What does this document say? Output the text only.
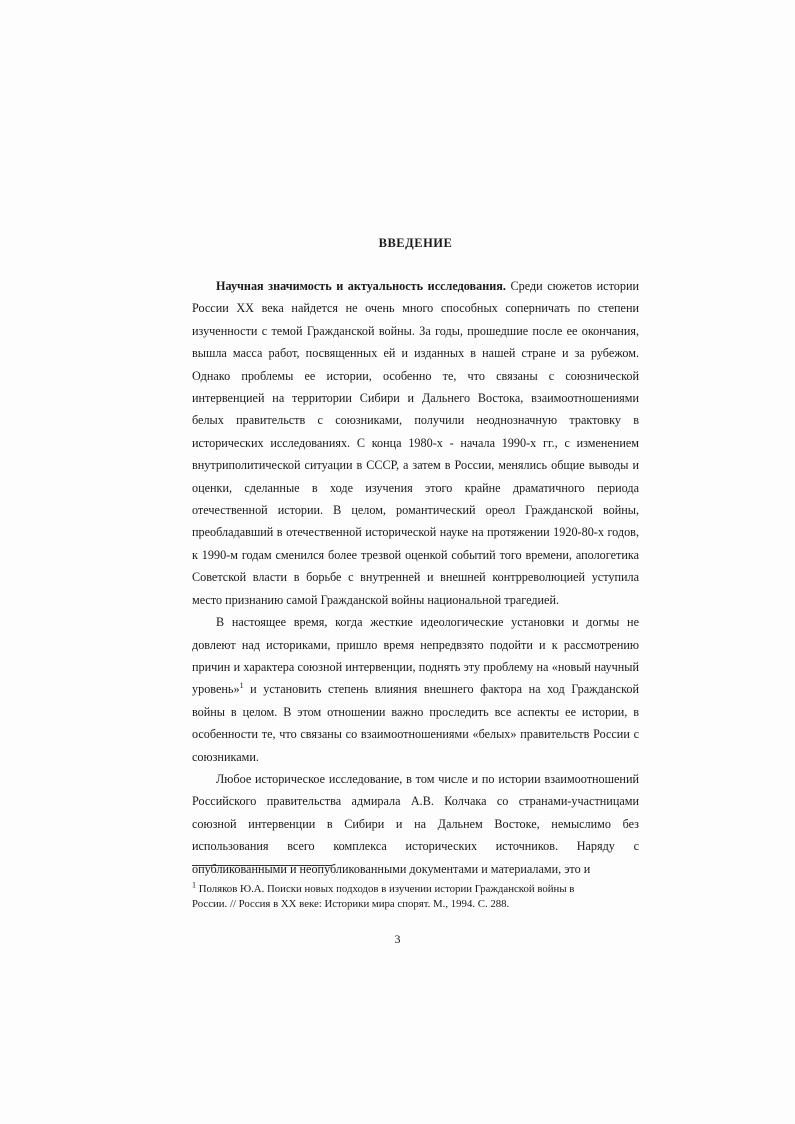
ВВЕДЕНИЕ

Научная значимость и актуальность исследования. Среди сюжетов истории России XX века найдется не очень много способных соперничать по степени изученности с темой Гражданской войны. За годы, прошедшие после ее окончания, вышла масса работ, посвященных ей и изданных в нашей стране и за рубежом. Однако проблемы ее истории, особенно те, что связаны с союзнической интервенцией на территории Сибири и Дальнего Востока, взаимоотношениями белых правительств с союзниками, получили неоднозначную трактовку в исторических исследованиях. С конца 1980-х - начала 1990-х гг., с изменением внутриполитической ситуации в СССР, а затем в России, менялись общие выводы и оценки, сделанные в ходе изучения этого крайне драматичного периода отечественной истории. В целом, романтический ореол Гражданской войны, преобладавший в отечественной исторической науке на протяжении 1920-80-х годов, к 1990-м годам сменился более трезвой оценкой событий того времени, апологетика Советской власти в борьбе с внутренней и внешней контрреволюцией уступила место признанию самой Гражданской войны национальной трагедией.

В настоящее время, когда жесткие идеологические установки и догмы не довлеют над историками, пришло время непредвзято подойти и к рассмотрению причин и характера союзной интервенции, поднять эту проблему на «новый научный уровень»$^1$ и установить степень влияния внешнего фактора на ход Гражданской войны в целом. В этом отношении важно проследить все аспекты ее истории, в особенности те, что связаны со взаимоотношениями «белых» правительств России с союзниками.

Любое историческое исследование, в том числе и по истории взаимоотношений Российского правительства адмирала А.В. Колчака со странами-участницами союзной интервенции в Сибири и на Дальнем Востоке, немыслимо без использования всего комплекса исторических источников. Наряду с опубликованными и неопубликованными документами и материалами, это и

$^1$ Поляков Ю.А. Поиски новых подходов в изучении истории Гражданской войны в России. // Россия в XX веке: Историки мира спорят. М., 1994. С. 288.
3
